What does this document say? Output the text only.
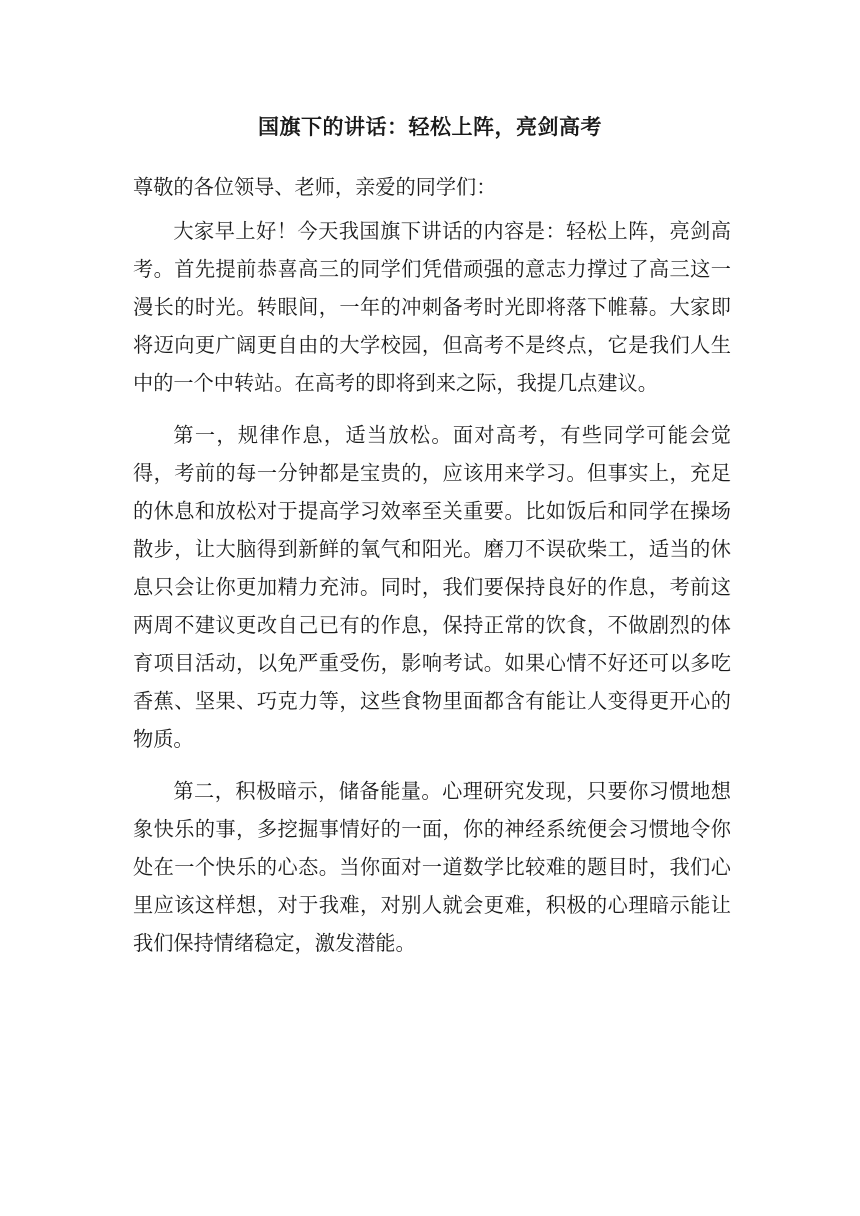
国旗下的讲话：轻松上阵，亮剑高考

尊敬的各位领导、老师，亲爱的同学们：

大家早上好！今天我国旗下讲话的内容是：轻松上阵，亮剑高考。首先提前恭喜高三的同学们凭借顽强的意志力撑过了高三这一漫长的时光。转眼间，一年的冲刺备考时光即将落下帷幕。大家即将迈向更广阔更自由的大学校园，但高考不是终点，它是我们人生中的一个中转站。在高考的即将到来之际，我提几点建议。

第一，规律作息，适当放松。面对高考，有些同学可能会觉得，考前的每一分钟都是宝贵的，应该用来学习。但事实上，充足的休息和放松对于提高学习效率至关重要。比如饭后和同学在操场散步，让大脑得到新鲜的氧气和阳光。磨刀不误砍柴工，适当的休息只会让你更加精力充沛。同时，我们要保持良好的作息，考前这两周不建议更改自己已有的作息，保持正常的饮食，不做剧烈的体育项目活动，以免严重受伤，影响考试。如果心情不好还可以多吃香蕉、坚果、巧克力等，这些食物里面都含有能让人变得更开心的物质。

第二，积极暗示，储备能量。心理研究发现，只要你习惯地想象快乐的事，多挖掘事情好的一面，你的神经系统便会习惯地令你处在一个快乐的心态。当你面对一道数学比较难的题目时，我们心里应该这样想，对于我难，对别人就会更难，积极的心理暗示能让我们保持情绪稳定，激发潜能。
